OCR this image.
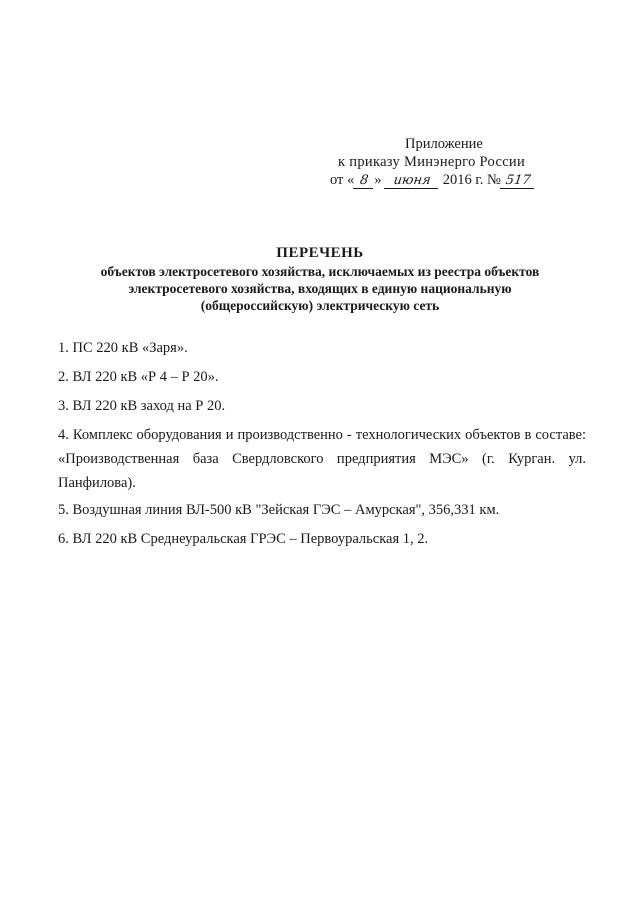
Приложение
к приказу Минэнерго России
от « 8 » июня 2016 г. № 517
ПЕРЕЧЕНЬ
объектов электросетевого хозяйства, исключаемых из реестра объектов
электросетевого хозяйства, входящих в единую национальную
(общероссийскую) электрическую сеть

1. ПС 220 кВ «Заря».

2. ВЛ 220 кВ «Р 4 – Р 20».

3. ВЛ 220 кВ заход на Р 20.

4. Комплекс оборудования и производственно - технологических объектов в составе: «Производственная база Свердловского предприятия МЭС» (г. Курган. ул. Панфилова).

5. Воздушная линия ВЛ-500 кВ "Зейская ГЭС – Амурская", 356,331 км.

6. ВЛ 220 кВ Среднеуральская ГРЭС – Первоуральская 1, 2.
